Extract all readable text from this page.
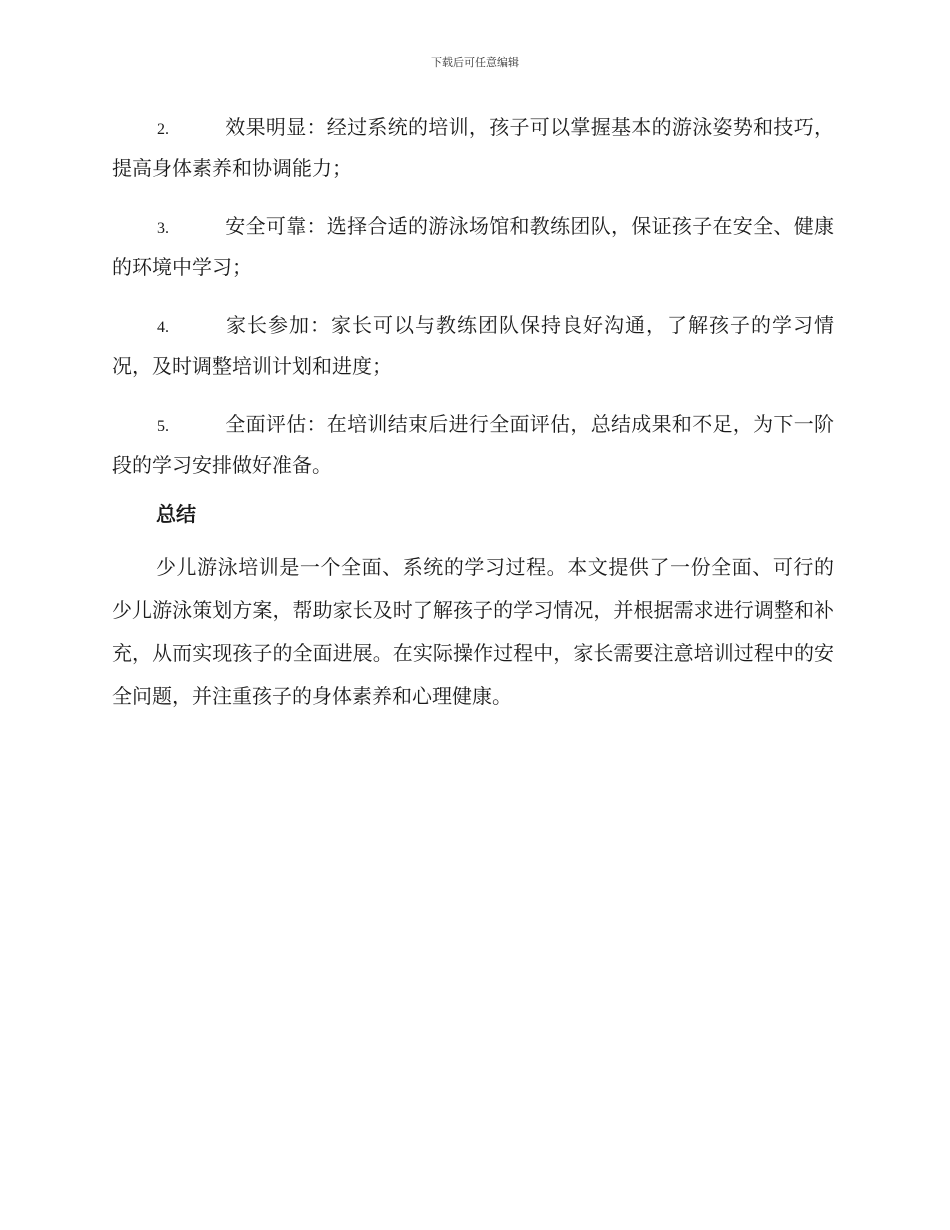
下载后可任意编辑
2.	效果明显：经过系统的培训，孩子可以掌握基本的游泳姿势和技巧，提高身体素养和协调能力；
3.	安全可靠：选择合适的游泳场馆和教练团队，保证孩子在安全、健康的环境中学习；
4.	家长参加：家长可以与教练团队保持良好沟通，了解孩子的学习情况，及时调整培训计划和进度；
5.	全面评估：在培训结束后进行全面评估，总结成果和不足，为下一阶段的学习安排做好准备。
总结

少儿游泳培训是一个全面、系统的学习过程。本文提供了一份全面、可行的少儿游泳策划方案，帮助家长及时了解孩子的学习情况，并根据需求进行调整和补充，从而实现孩子的全面进展。在实际操作过程中，家长需要注意培训过程中的安全问题，并注重孩子的身体素养和心理健康。
